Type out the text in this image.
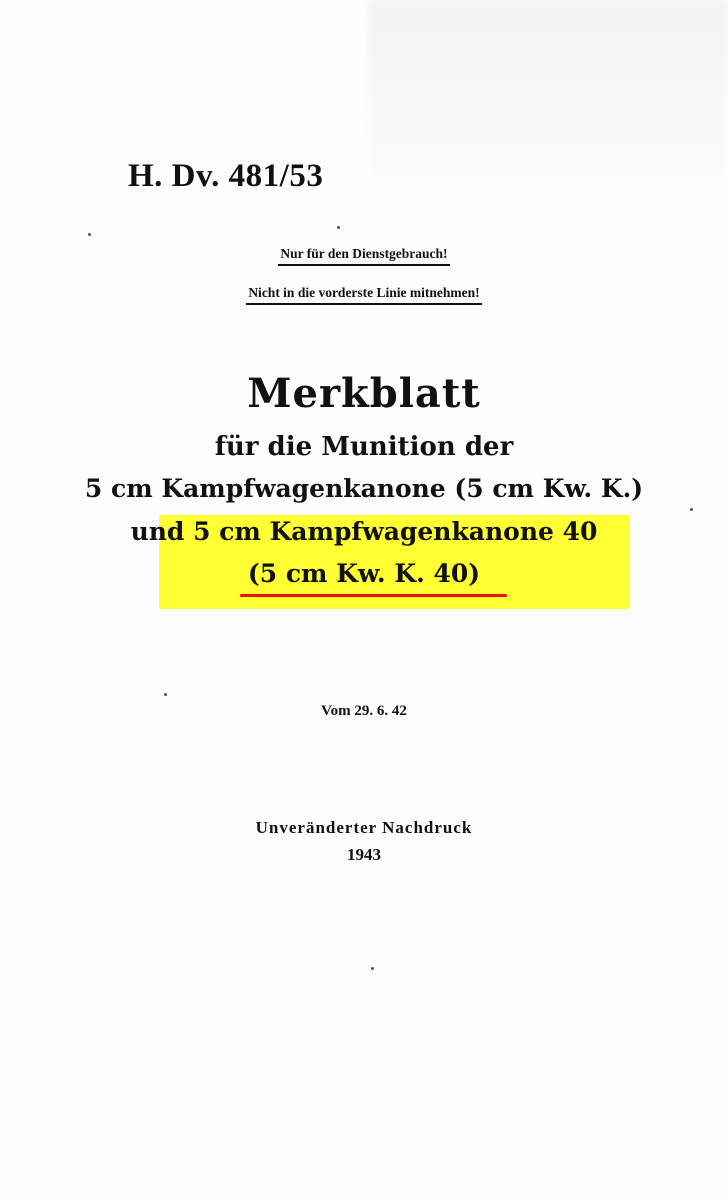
H. Dv. 481/53

Nur für den Dienstgebrauch!

Nicht in die vorderste Linie mitnehmen!

Merkblatt

für die Munition der

5 cm Kampfwagenkanone (5 cm Kw. K.)

und 5 cm Kampfwagenkanone 40

(5 cm Kw. K. 40)

Vom 29. 6. 42

Unveränderter Nachdruck

1943
